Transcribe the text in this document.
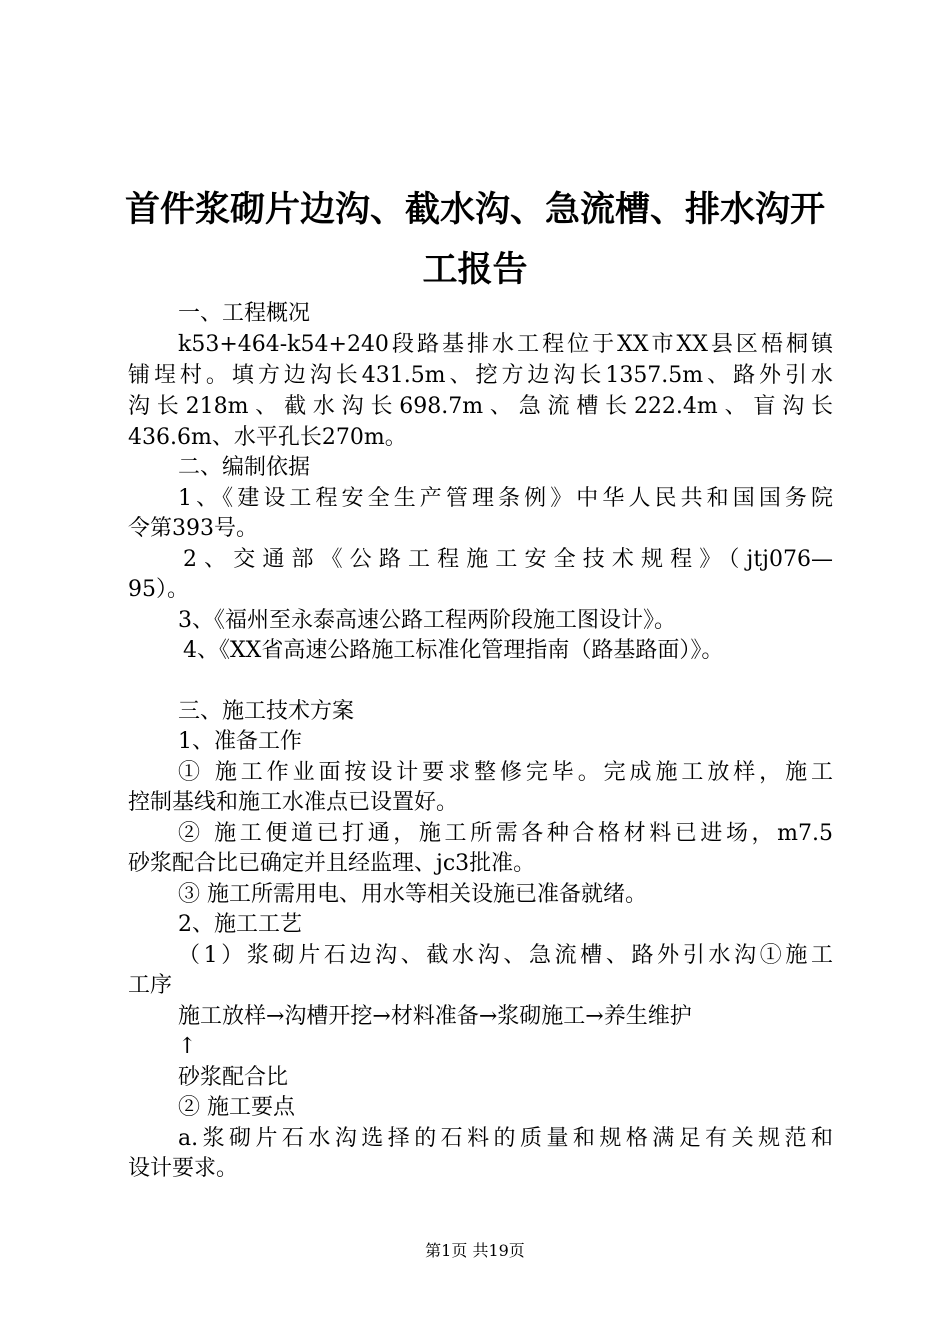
首件浆砌片边沟、截水沟、急流槽、排水沟开
工报告
一、工程概况
k53+464-k54+240段路基排水工程位于XX市XX县区梧桐镇
铺埕村。填方边沟长431.5m、挖方边沟长1357.5m、路外引水
沟长218m、截水沟长698.7m、急流槽长222.4m、盲沟长
436.6m、水平孔长270m。
二、编制依据
1、《建设工程安全生产管理条例》中华人民共和国国务院
令第393号。
2、交通部《公路工程施工安全技术规程》（jtj076—
95）。
3、《福州至永泰高速公路工程两阶段施工图设计》。
4、《XX省高速公路施工标准化管理指南（路基路面）》。
三、施工技术方案
1、准备工作
① 施工作业面按设计要求整修完毕。完成施工放样，施工
控制基线和施工水准点已设置好。
② 施工便道已打通，施工所需各种合格材料已进场，m7.5
砂浆配合比已确定并且经监理、jc3批准。
③ 施工所需用电、用水等相关设施已准备就绪。
2、施工工艺
（1）浆砌片石边沟、截水沟、急流槽、路外引水沟①施工
工序
施工放样→沟槽开挖→材料准备→浆砌施工→养生维护
↑
砂浆配合比
② 施工要点
a.浆砌片石水沟选择的石料的质量和规格满足有关规范和
设计要求。
第1页 共19页
